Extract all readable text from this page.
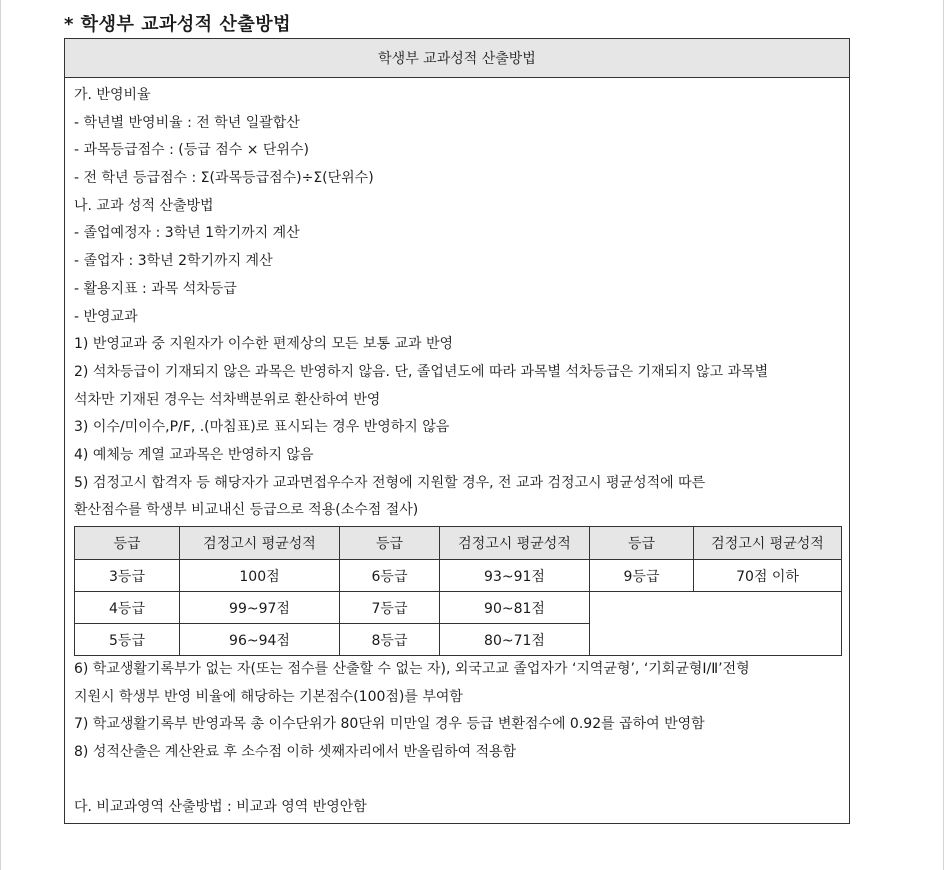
* 학생부 교과성적 산출방법
학생부 교과성적 산출방법
가. 반영비율
- 학년별 반영비율 : 전 학년 일괄합산
- 과목등급점수 : (등급 점수 × 단위수)
- 전 학년 등급점수 : Σ(과목등급점수)÷Σ(단위수)
나. 교과 성적 산출방법
- 졸업예정자 : 3학년 1학기까지 계산
- 졸업자 : 3학년 2학기까지 계산
- 활용지표 : 과목 석차등급
- 반영교과
1) 반영교과 중 지원자가 이수한 편제상의 모든 보통 교과 반영
2) 석차등급이 기재되지 않은 과목은 반영하지 않음. 단, 졸업년도에 따라 과목별 석차등급은 기재되지 않고 과목별
석차만 기재된 경우는 석차백분위로 환산하여 반영
3) 이수/미이수,P/F, .(마침표)로 표시되는 경우 반영하지 않음
4) 예체능 계열 교과목은 반영하지 않음
5) 검정고시 합격자 등 해당자가 교과면접우수자 전형에 지원할 경우, 전 교과 검정고시 평균성적에 따른
환산점수를 학생부 비교내신 등급으로 적용(소수점 절사)
등급	검정고시 평균성적	등급	검정고시 평균성적	등급	검정고시 평균성적
3등급	100점	6등급	93~91점	9등급	70점 이하
4등급	99~97점	7등급	90~81점		
5등급	96~94점	8등급	80~71점		
6) 학교생활기록부가 없는 자(또는 점수를 산출할 수 없는 자), 외국고교 졸업자가 ‘지역균형’, ‘기회균형Ⅰ/Ⅱ’전형
지원시 학생부 반영 비율에 해당하는 기본점수(100점)를 부여함
7) 학교생활기록부 반영과목 총 이수단위가 80단위 미만일 경우 등급 변환점수에 0.92를 곱하여 반영함
8) 성적산출은 계산완료 후 소수점 이하 셋째자리에서 반올림하여 적용함
다. 비교과영역 산출방법 : 비교과 영역 반영안함
